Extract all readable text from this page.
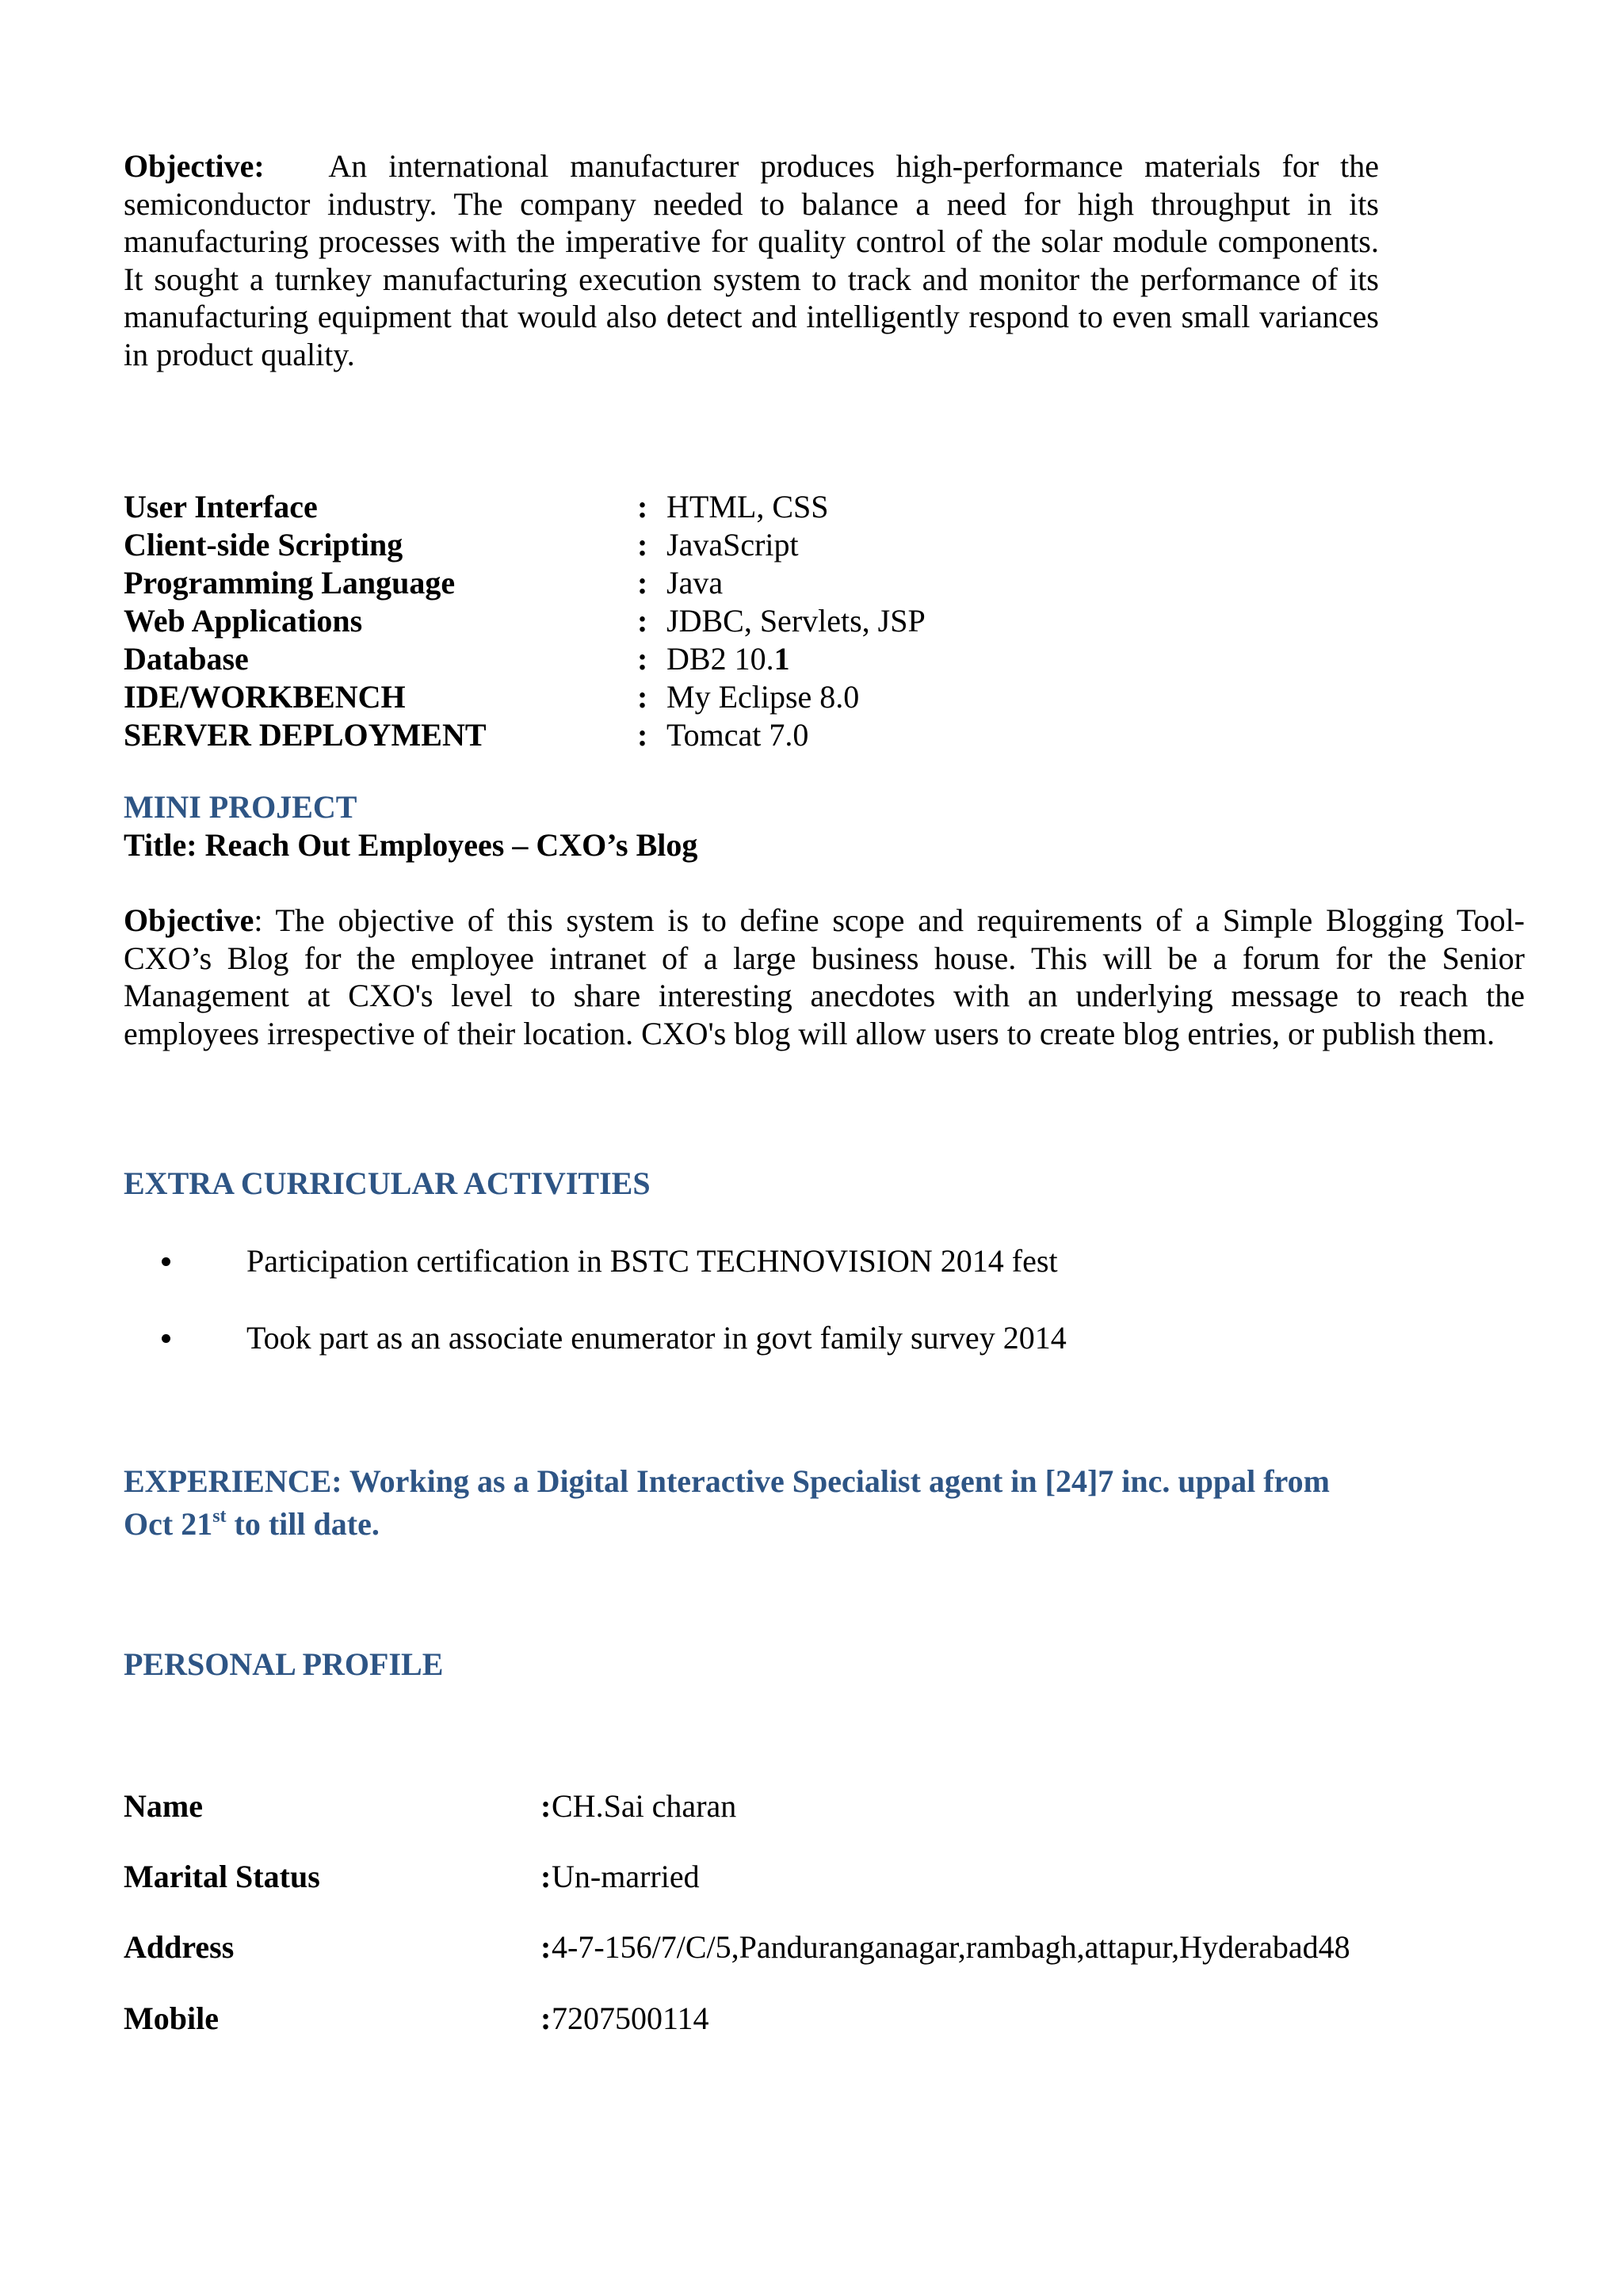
Objective: An international manufacturer produces high-performance materials for the semiconductor industry. The company needed to balance a need for high throughput in its manufacturing processes with the imperative for quality control of the solar module components. It sought a turnkey manufacturing execution system to track and monitor the performance of its manufacturing equipment that would also detect and intelligently respond to even small variances in product quality.

User Interface	: HTML, CSS
Client-side Scripting	: JavaScript
Programming Language	: Java
Web Applications	: JDBC, Servlets, JSP
Database	: DB2 10.1
IDE/WORKBENCH	: My Eclipse 8.0
SERVER DEPLOYMENT	: Tomcat 7.0
MINI PROJECT
Title: Reach Out Employees – CXO’s Blog

Objective: The objective of this system is to define scope and requirements of a Simple Blogging Tool- CXO’s Blog for the employee intranet of a large business house. This will be a forum for the Senior Management at CXO's level to share interesting anecdotes with an underlying message to reach the employees irrespective of their location. CXO's blog will allow users to create blog entries, or publish them.

EXTRA CURRICULAR ACTIVITIES
Participation certification in BSTC TECHNOVISION 2014 fest
Took part as an associate enumerator in govt family survey 2014

EXPERIENCE: Working as a Digital Interactive Specialist agent in [24]7 inc. uppal from Oct 21st to till date.

PERSONAL PROFILE
Name	: CH.Sai charan
Marital Status	: Un-married
Address	: 4-7-156/7/C/5,Panduranganagar,rambagh,attapur,Hyderabad48
Mobile	: 7207500114
